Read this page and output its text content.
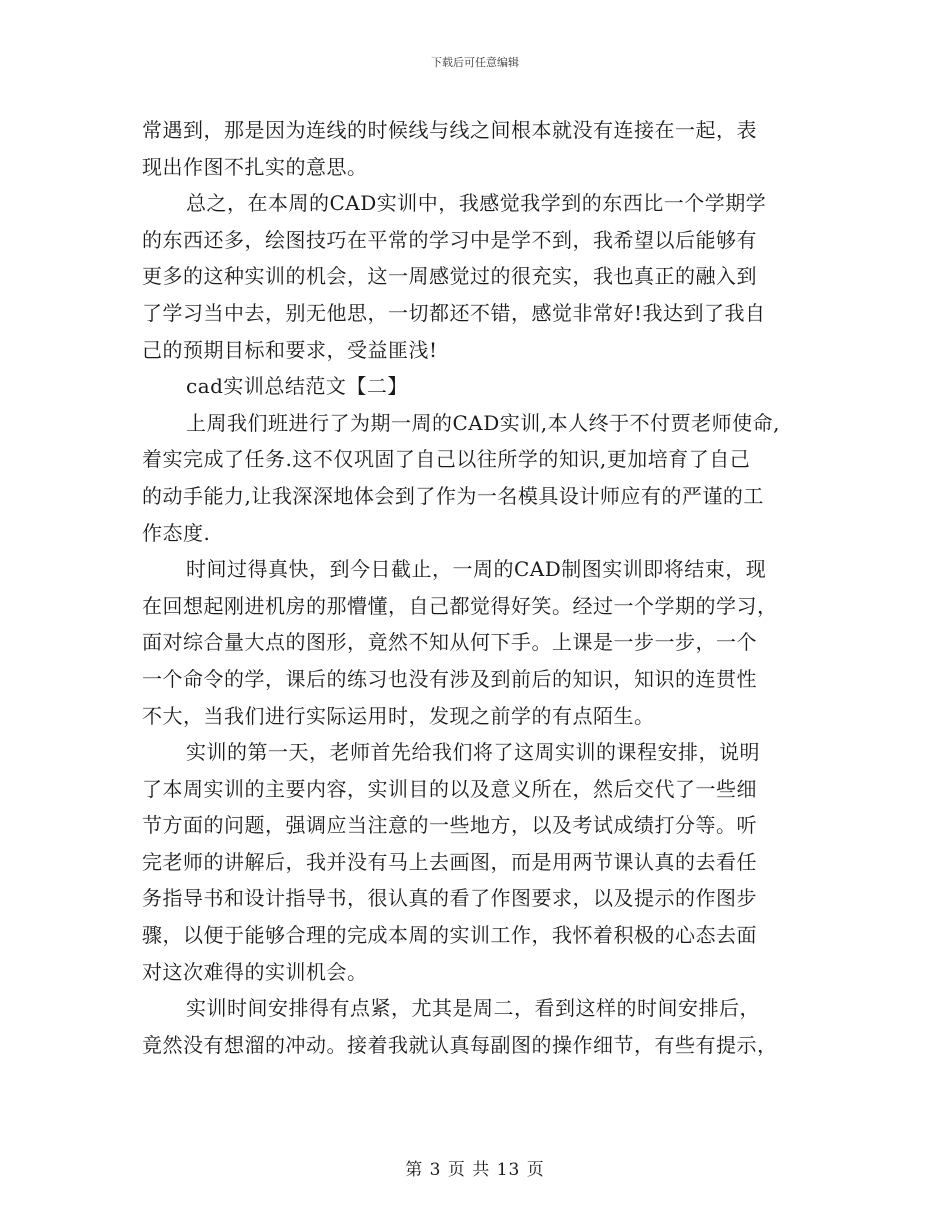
下载后可任意编辑
常遇到，那是因为连线的时候线与线之间根本就没有连接在一起，表
现出作图不扎实的意思。
总之，在本周的CAD实训中，我感觉我学到的东西比一个学期学
的东西还多，绘图技巧在平常的学习中是学不到，我希望以后能够有
更多的这种实训的机会，这一周感觉过的很充实，我也真正的融入到
了学习当中去，别无他思，一切都还不错，感觉非常好!我达到了我自
己的预期目标和要求，受益匪浅!
cad实训总结范文【二】
上周我们班进行了为期一周的CAD实训,本人终于不付贾老师使命,
着实完成了任务.这不仅巩固了自己以往所学的知识,更加培育了自己
的动手能力,让我深深地体会到了作为一名模具设计师应有的严谨的工
作态度.
时间过得真快，到今日截止，一周的CAD制图实训即将结束，现
在回想起刚进机房的那懵懂，自己都觉得好笑。经过一个学期的学习，
面对综合量大点的图形，竟然不知从何下手。上课是一步一步，一个
一个命令的学，课后的练习也没有涉及到前后的知识，知识的连贯性
不大，当我们进行实际运用时，发现之前学的有点陌生。
实训的第一天，老师首先给我们将了这周实训的课程安排，说明
了本周实训的主要内容，实训目的以及意义所在，然后交代了一些细
节方面的问题，强调应当注意的一些地方，以及考试成绩打分等。听
完老师的讲解后，我并没有马上去画图，而是用两节课认真的去看任
务指导书和设计指导书，很认真的看了作图要求，以及提示的作图步
骤，以便于能够合理的完成本周的实训工作，我怀着积极的心态去面
对这次难得的实训机会。
实训时间安排得有点紧，尤其是周二，看到这样的时间安排后，
竟然没有想溜的冲动。接着我就认真每副图的操作细节，有些有提示，
第 3 页 共 13 页
